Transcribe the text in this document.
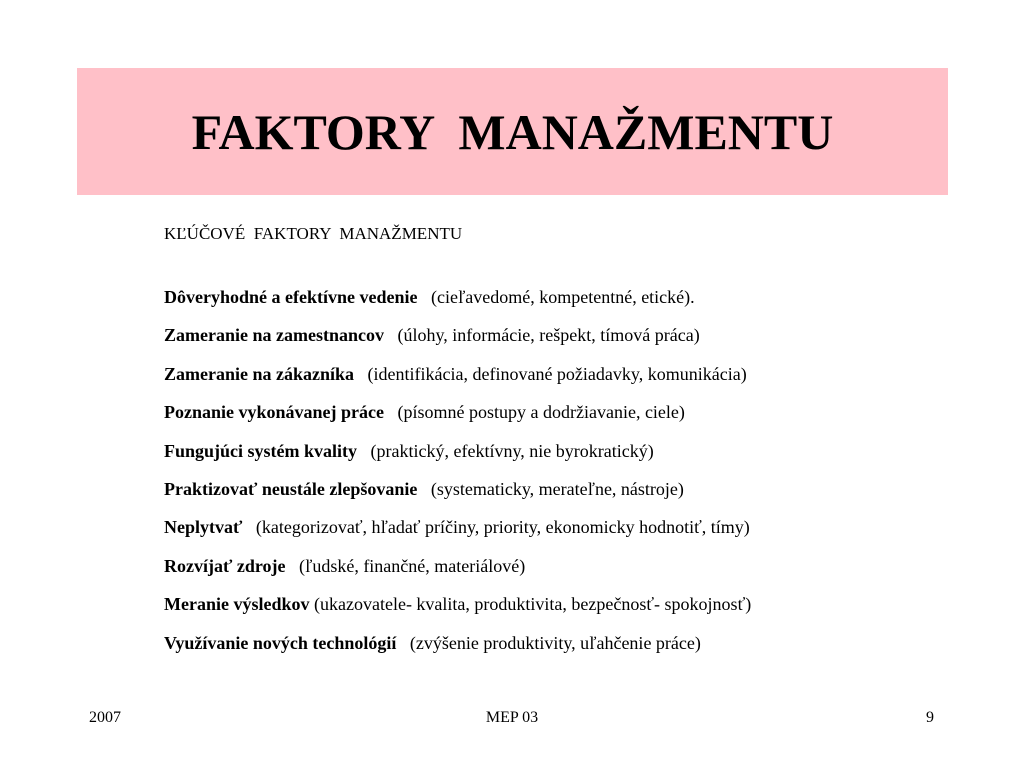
FAKTORY  MANAŽMENTU
KĽÚČOVÉ  FAKTORY  MANAŽMENTU
Dôveryhodné a efektívne vedenie   (cieľavedomé, kompetentné, etické).
Zameranie na zamestnancov   (úlohy, informácie, rešpekt, tímová práca)
Zameranie na zákazníka   (identifikácia, definované požiadavky, komunikácia)
Poznanie vykonávanej práce   (písomné postupy a dodržiavanie, ciele)
Fungujúci systém kvality   (praktický, efektívny, nie byrokratický)
Praktizovať neustále zlepšovanie   (systematicky, merateľne, nástroje)
Neplytvať   (kategorizovať, hľadať príčiny, priority, ekonomicky hodnotiť, tímy)
Rozvíjať zdroje   (ľudské, finančné, materiálové)
Meranie výsledkov (ukazovatele- kvalita, produktivita, bezpečnosť- spokojnosť)
Využívanie nových technológií   (zvýšenie produktivity, uľahčenie práce)
2007	MEP 03	9
